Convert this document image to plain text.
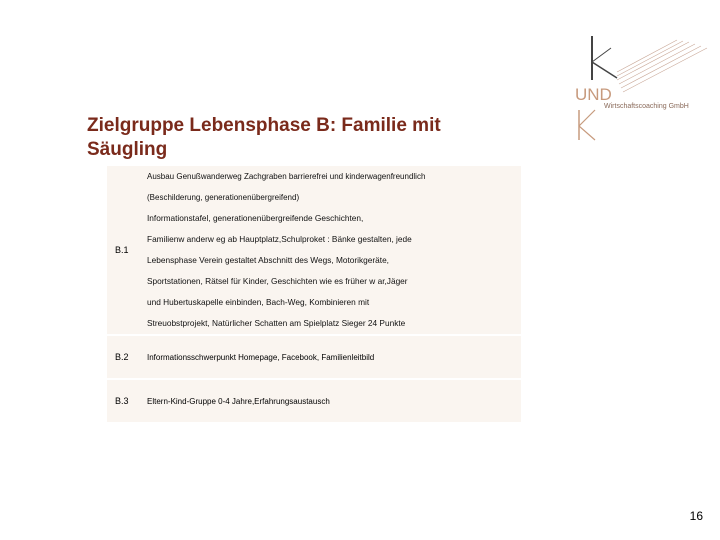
Zielgruppe Lebensphase B: Familie mit Säugling
UND
Wirtschaftscoaching GmbH
B.1
Ausbau Genußwanderweg Zachgraben barrierefrei und kinderwagenfreundlich
(Beschilderung, generationenübergreifend)
Informationstafel, generationenübergreifende Geschichten,
Familienw anderw eg ab Hauptplatz,Schulproket : Bänke gestalten, jede
Lebensphase Verein gestaltet Abschnitt des Wegs, Motorikgeräte,
Sportstationen, Rätsel für Kinder, Geschichten wie es früher w ar,Jäger
und Hubertuskapelle einbinden, Bach-Weg, Kombinieren mit
Streuobstprojekt, Natürlicher Schatten am Spielplatz Sieger 24 Punkte
B.2	Informationsschwerpunkt Homepage, Facebook, Familienleitbild
B.3	Eltern-Kind-Gruppe 0-4 Jahre,Erfahrungsaustausch
16
